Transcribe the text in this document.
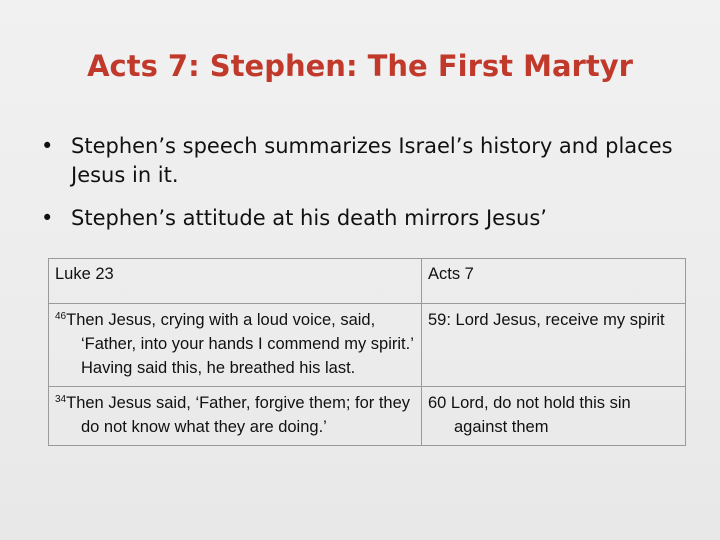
Acts 7: Stephen: The First Martyr
• Stephen’s speech summarizes Israel’s history and places Jesus in it.
• Stephen’s attitude at his death mirrors Jesus’
Luke 23	Acts 7

$^{46}$Then Jesus, crying with a loud voice, said, ‘Father, into your hands I commend my spirit.’ Having said this, he breathed his last.	59: Lord Jesus, receive my spirit

$^{34}$Then Jesus said, ‘Father, forgive them; for they do not know what they are doing.’	60 Lord, do not hold this sin against them
